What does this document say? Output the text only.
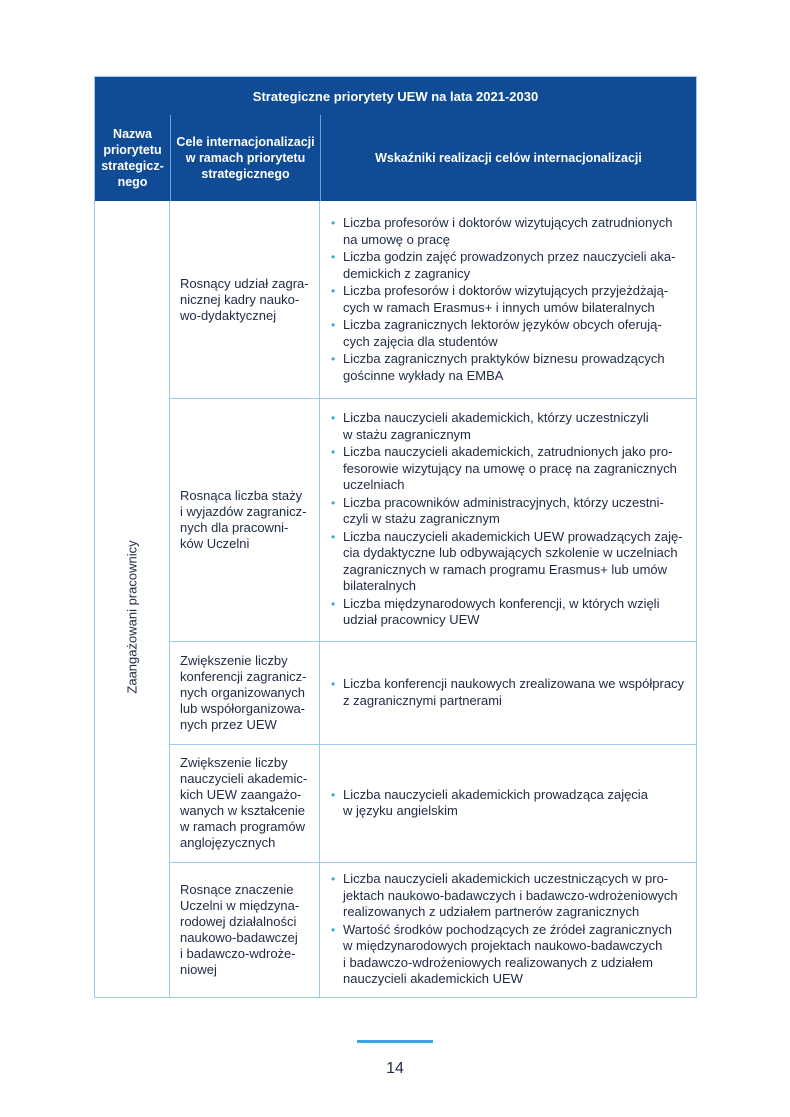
Strategiczne priorytety UEW na lata 2021-2030
Nazwa
priorytetu
strategicz-
nego
Cele internacjonalizacji
w ramach priorytetu
strategicznego
Wskaźniki realizacji celów internacjonalizacji
Zaangażowani pracownicy
Rosnący udział zagra-
nicznej kadry nauko-
wo-dydaktycznej
• Liczba profesorów i doktorów wizytujących zatrudnionych
na umowę o pracę
• Liczba godzin zajęć prowadzonych przez nauczycieli aka-
demickich z zagranicy
• Liczba profesorów i doktorów wizytujących przyjeżdżają-
cych w ramach Erasmus+ i innych umów bilateralnych
• Liczba zagranicznych lektorów języków obcych oferują-
cych zajęcia dla studentów
• Liczba zagranicznych praktyków biznesu prowadzących
gościnne wykłady na EMBA
Rosnąca liczba staży
i wyjazdów zagranicz-
nych dla pracowni-
ków Uczelni
• Liczba nauczycieli akademickich, którzy uczestniczyli
w stażu zagranicznym
• Liczba nauczycieli akademickich, zatrudnionych jako pro-
fesorowie wizytujący na umowę o pracę na zagranicznych
uczelniach
• Liczba pracowników administracyjnych, którzy uczestni-
czyli w stażu zagranicznym
• Liczba nauczycieli akademickich UEW prowadzących zaję-
cia dydaktyczne lub odbywających szkolenie w uczelniach
zagranicznych w ramach programu Erasmus+ lub umów
bilateralnych
• Liczba międzynarodowych konferencji, w których wzięli
udział pracownicy UEW
Zwiększenie liczby
konferencji zagranicz-
nych organizowanych
lub współorganizowa-
nych przez UEW
• Liczba konferencji naukowych zrealizowana we współpracy
z zagranicznymi partnerami
Zwiększenie liczby
nauczycieli akademic-
kich UEW zaangażo-
wanych w kształcenie
w ramach programów
anglojęzycznych
• Liczba nauczycieli akademickich prowadząca zajęcia
w języku angielskim
Rosnące znaczenie
Uczelni w międzyna-
rodowej działalności
naukowo-badawczej
i badawczo-wdroże-
niowej
• Liczba nauczycieli akademickich uczestniczących w pro-
jektach naukowo-badawczych i badawczo-wdrożeniowych
realizowanych z udziałem partnerów zagranicznych
• Wartość środków pochodzących ze źródeł zagranicznych
w międzynarodowych projektach naukowo-badawczych
i badawczo-wdrożeniowych realizowanych z udziałem
nauczycieli akademickich UEW
14
